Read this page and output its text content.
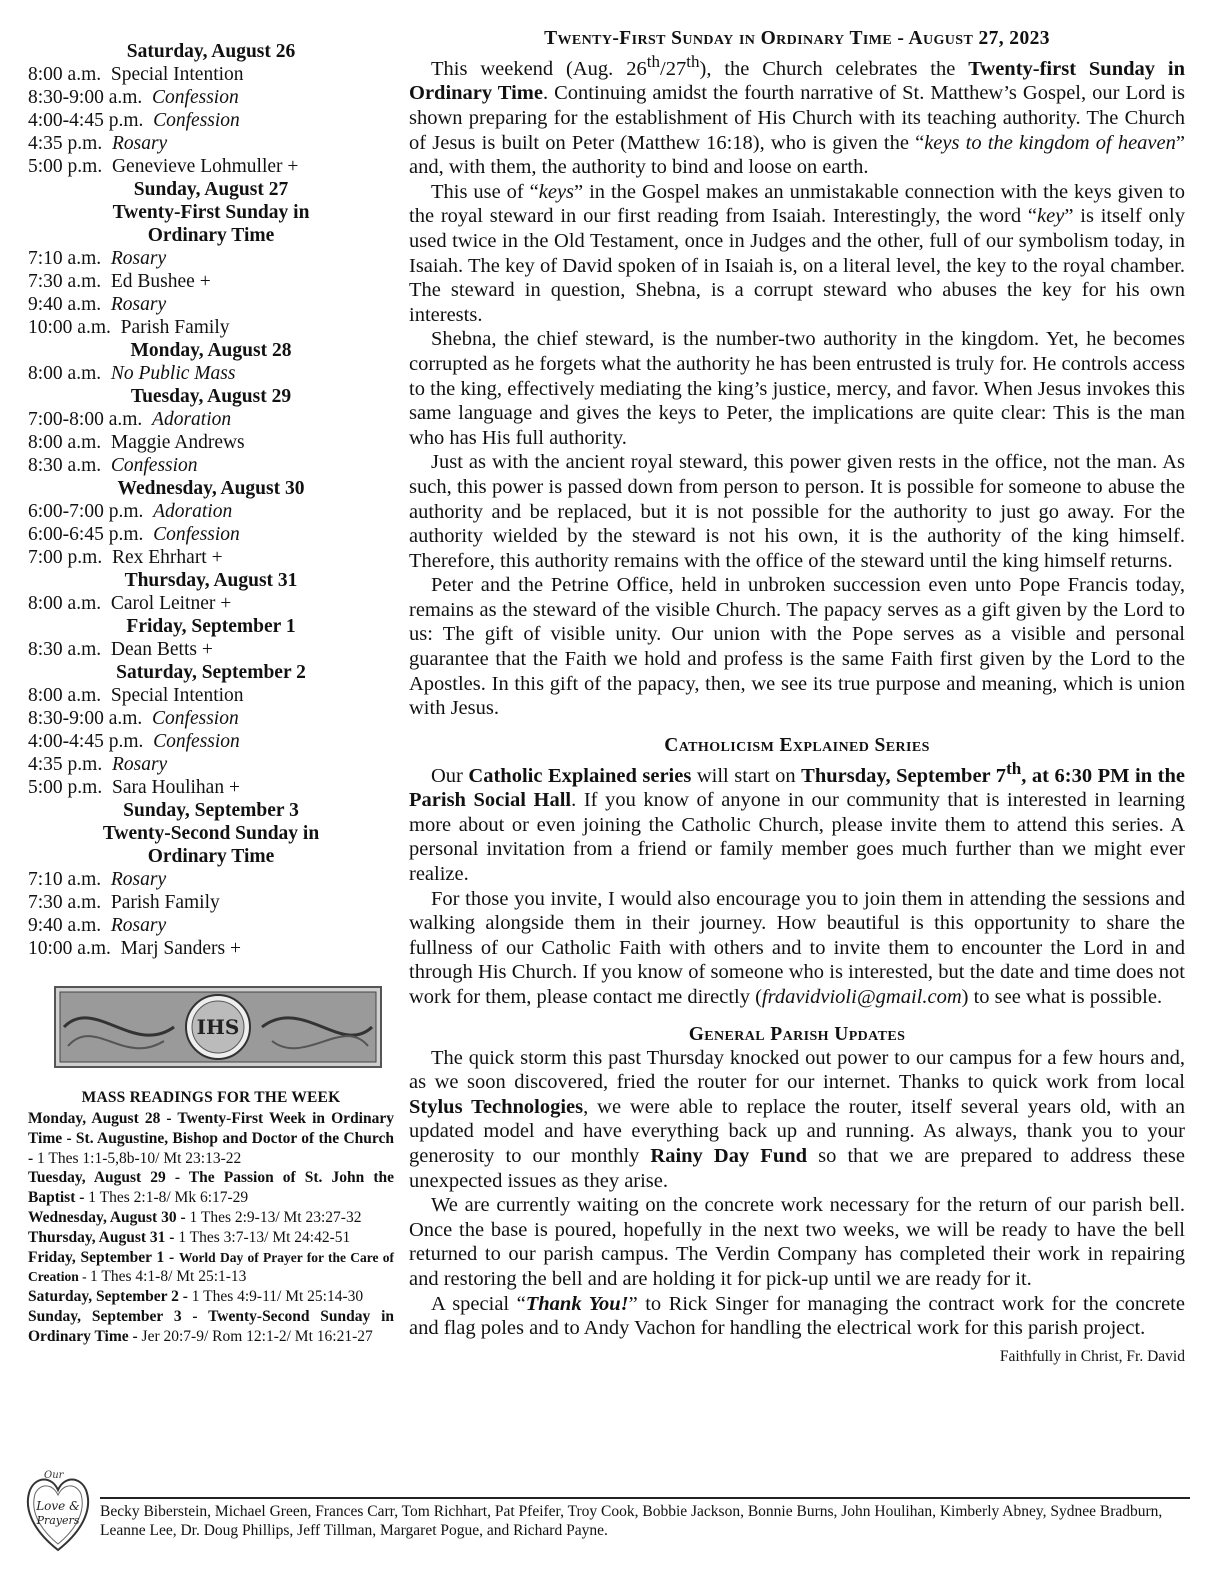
Saturday, August 26
8:00 a.m. Special Intention
8:30-9:00 a.m. Confession
4:00-4:45 p.m. Confession
4:35 p.m. Rosary
5:00 p.m. Genevieve Lohmuller +
Sunday, August 27
Twenty-First Sunday in
Ordinary Time
7:10 a.m. Rosary
7:30 a.m. Ed Bushee +
9:40 a.m. Rosary
10:00 a.m. Parish Family
Monday, August 28
8:00 a.m. No Public Mass
Tuesday, August 29
7:00-8:00 a.m. Adoration
8:00 a.m. Maggie Andrews
8:30 a.m. Confession
Wednesday, August 30
6:00-7:00 p.m. Adoration
6:00-6:45 p.m. Confession
7:00 p.m. Rex Ehrhart +
Thursday, August 31
8:00 a.m. Carol Leitner +
Friday, September 1
8:30 a.m. Dean Betts +
Saturday, September 2
8:00 a.m. Special Intention
8:30-9:00 a.m. Confession
4:00-4:45 p.m. Confession
4:35 p.m. Rosary
5:00 p.m. Sara Houlihan +
Sunday, September 3
Twenty-Second Sunday in
Ordinary Time
7:10 a.m. Rosary
7:30 a.m. Parish Family
9:40 a.m. Rosary
10:00 a.m. Marj Sanders +
IHS
MASS READINGS FOR THE WEEK

Monday, August 28 - Twenty-First Week in Ordinary Time - St. Augustine, Bishop and Doctor of the Church - 1 Thes 1:1-5,8b-10/ Mt 23:13-22

Tuesday, August 29 - The Passion of St. John the Baptist - 1 Thes 2:1-8/ Mk 6:17-29

Wednesday, August 30 - 1 Thes 2:9-13/ Mt 23:27-32

Thursday, August 31 - 1 Thes 3:7-13/ Mt 24:42-51

Friday, September 1 - World Day of Prayer for the Care of Creation - 1 Thes 4:1-8/ Mt 25:1-13

Saturday, September 2 - 1 Thes 4:9-11/ Mt 25:14-30

Sunday, September 3 - Twenty-Second Sunday in Ordinary Time - Jer 20:7-9/ Rom 12:1-2/ Mt 16:21-27

Twenty-First Sunday in Ordinary Time - August 27, 2023

This weekend (Aug. 26th/27th), the Church celebrates the Twenty-first Sunday in Ordinary Time. Continuing amidst the fourth narrative of St. Matthew’s Gospel, our Lord is shown preparing for the establishment of His Church with its teaching authority. The Church of Jesus is built on Peter (Matthew 16:18), who is given the “keys to the kingdom of heaven” and, with them, the authority to bind and loose on earth.

This use of “keys” in the Gospel makes an unmistakable connection with the keys given to the royal steward in our first reading from Isaiah. Interestingly, the word “key” is itself only used twice in the Old Testament, once in Judges and the other, full of our symbolism today, in Isaiah. The key of David spoken of in Isaiah is, on a literal level, the key to the royal chamber. The steward in question, Shebna, is a corrupt steward who abuses the key for his own interests.

Shebna, the chief steward, is the number-two authority in the kingdom. Yet, he becomes corrupted as he forgets what the authority he has been entrusted is truly for. He controls access to the king, effectively mediating the king’s justice, mercy, and favor. When Jesus invokes this same language and gives the keys to Peter, the implications are quite clear: This is the man who has His full authority.

Just as with the ancient royal steward, this power given rests in the office, not the man. As such, this power is passed down from person to person. It is possible for someone to abuse the authority and be replaced, but it is not possible for the authority to just go away. For the authority wielded by the steward is not his own, it is the authority of the king himself. Therefore, this authority remains with the office of the steward until the king himself returns.

Peter and the Petrine Office, held in unbroken succession even unto Pope Francis today, remains as the steward of the visible Church. The papacy serves as a gift given by the Lord to us: The gift of visible unity. Our union with the Pope serves as a visible and personal guarantee that the Faith we hold and profess is the same Faith first given by the Lord to the Apostles. In this gift of the papacy, then, we see its true purpose and meaning, which is union with Jesus.

Catholicism Explained Series

Our Catholic Explained series will start on Thursday, September 7th, at 6:30 PM in the Parish Social Hall. If you know of anyone in our community that is interested in learning more about or even joining the Catholic Church, please invite them to attend this series. A personal invitation from a friend or family member goes much further than we might ever realize.

For those you invite, I would also encourage you to join them in attending the sessions and walking alongside them in their journey. How beautiful is this opportunity to share the fullness of our Catholic Faith with others and to invite them to encounter the Lord in and through His Church. If you know of someone who is interested, but the date and time does not work for them, please contact me directly (frdavidvioli@gmail.com) to see what is possible.

General Parish Updates

The quick storm this past Thursday knocked out power to our campus for a few hours and, as we soon discovered, fried the router for our internet. Thanks to quick work from local Stylus Technologies, we were able to replace the router, itself several years old, with an updated model and have everything back up and running. As always, thank you to your generosity to our monthly Rainy Day Fund so that we are prepared to address these unexpected issues as they arise.

We are currently waiting on the concrete work necessary for the return of our parish bell. Once the base is poured, hopefully in the next two weeks, we will be ready to have the bell returned to our parish campus. The Verdin Company has completed their work in repairing and restoring the bell and are holding it for pick-up until we are ready for it.

A special “Thank You!” to Rick Singer for managing the contract work for the concrete and flag poles and to Andy Vachon for handling the electrical work for this parish project.
Faithfully in Christ, Fr. David

Our
Love &
Prayers
Becky Biberstein, Michael Green, Frances Carr, Tom Richhart, Pat Pfeifer, Troy Cook, Bobbie Jackson, Bonnie Burns, John Houlihan, Kimberly Abney, Sydnee Bradburn, Leanne Lee, Dr. Doug Phillips, Jeff Tillman, Margaret Pogue, and Richard Payne.
